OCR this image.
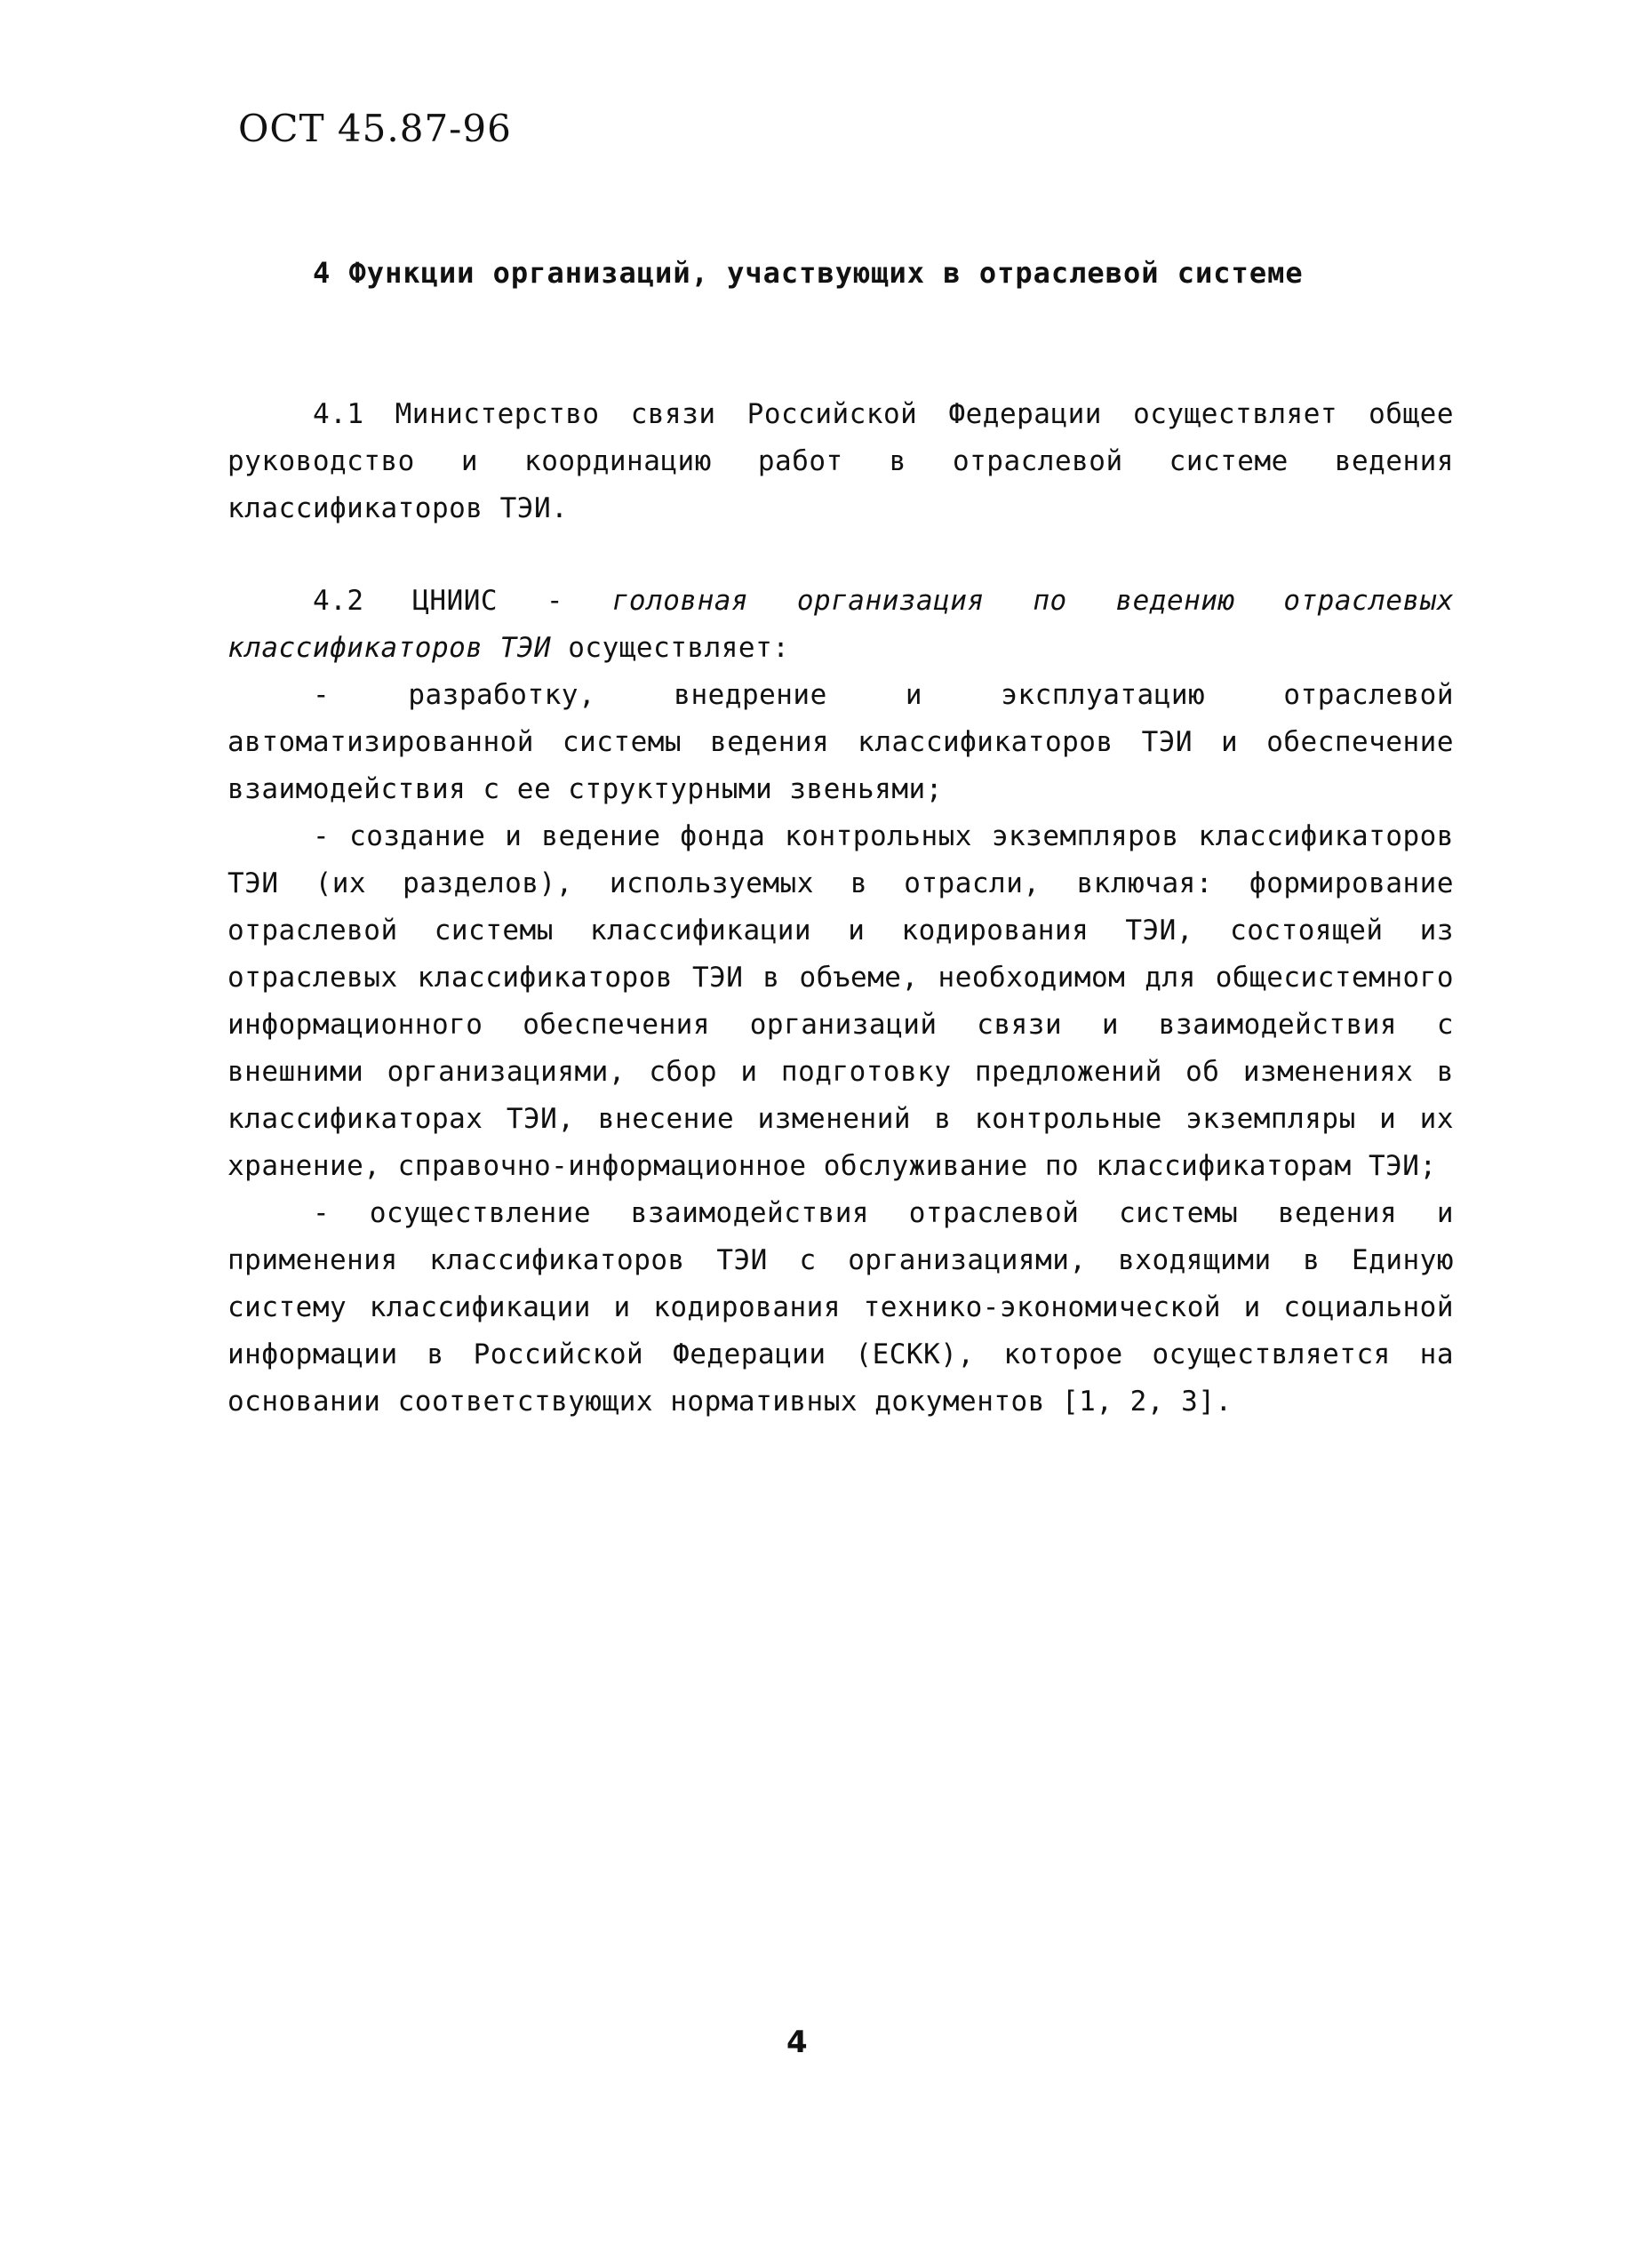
ОСТ 45.87-96
4 Функции организаций, участвующих в отраслевой системе

4.1 Министерство связи Российской Федерации осуществляет общее руководство и координацию работ в отраслевой системе ведения классификаторов ТЭИ.

4.2 ЦНИИС - головная организация по ведению отраслевых классификаторов ТЭИ осуществляет:

- разработку, внедрение и эксплуатацию отраслевой автоматизированной системы ведения классификаторов ТЭИ и обеспечение взаимодействия с ее структурными звеньями;

- создание и ведение фонда контрольных экземпляров классификаторов ТЭИ (их разделов), используемых в отрасли, включая: формирование отраслевой системы классификации и кодирования ТЭИ, состоящей из отраслевых классификаторов ТЭИ в объеме, необходимом для общесистемного информационного обеспечения организаций связи и взаимодействия с внешними организациями, сбор и подготовку предложений об изменениях в классификаторах ТЭИ, внесение изменений в контрольные экземпляры и их хранение, справочно-информационное обслуживание по классификаторам ТЭИ;

- осуществление взаимодействия отраслевой системы ведения и применения классификаторов ТЭИ с организациями, входящими в Единую систему классификации и кодирования технико-экономической и социальной информации в Российской Федерации (ЕСКК), которое осуществляется на основании соответствующих нормативных документов [1, 2, 3].

4
